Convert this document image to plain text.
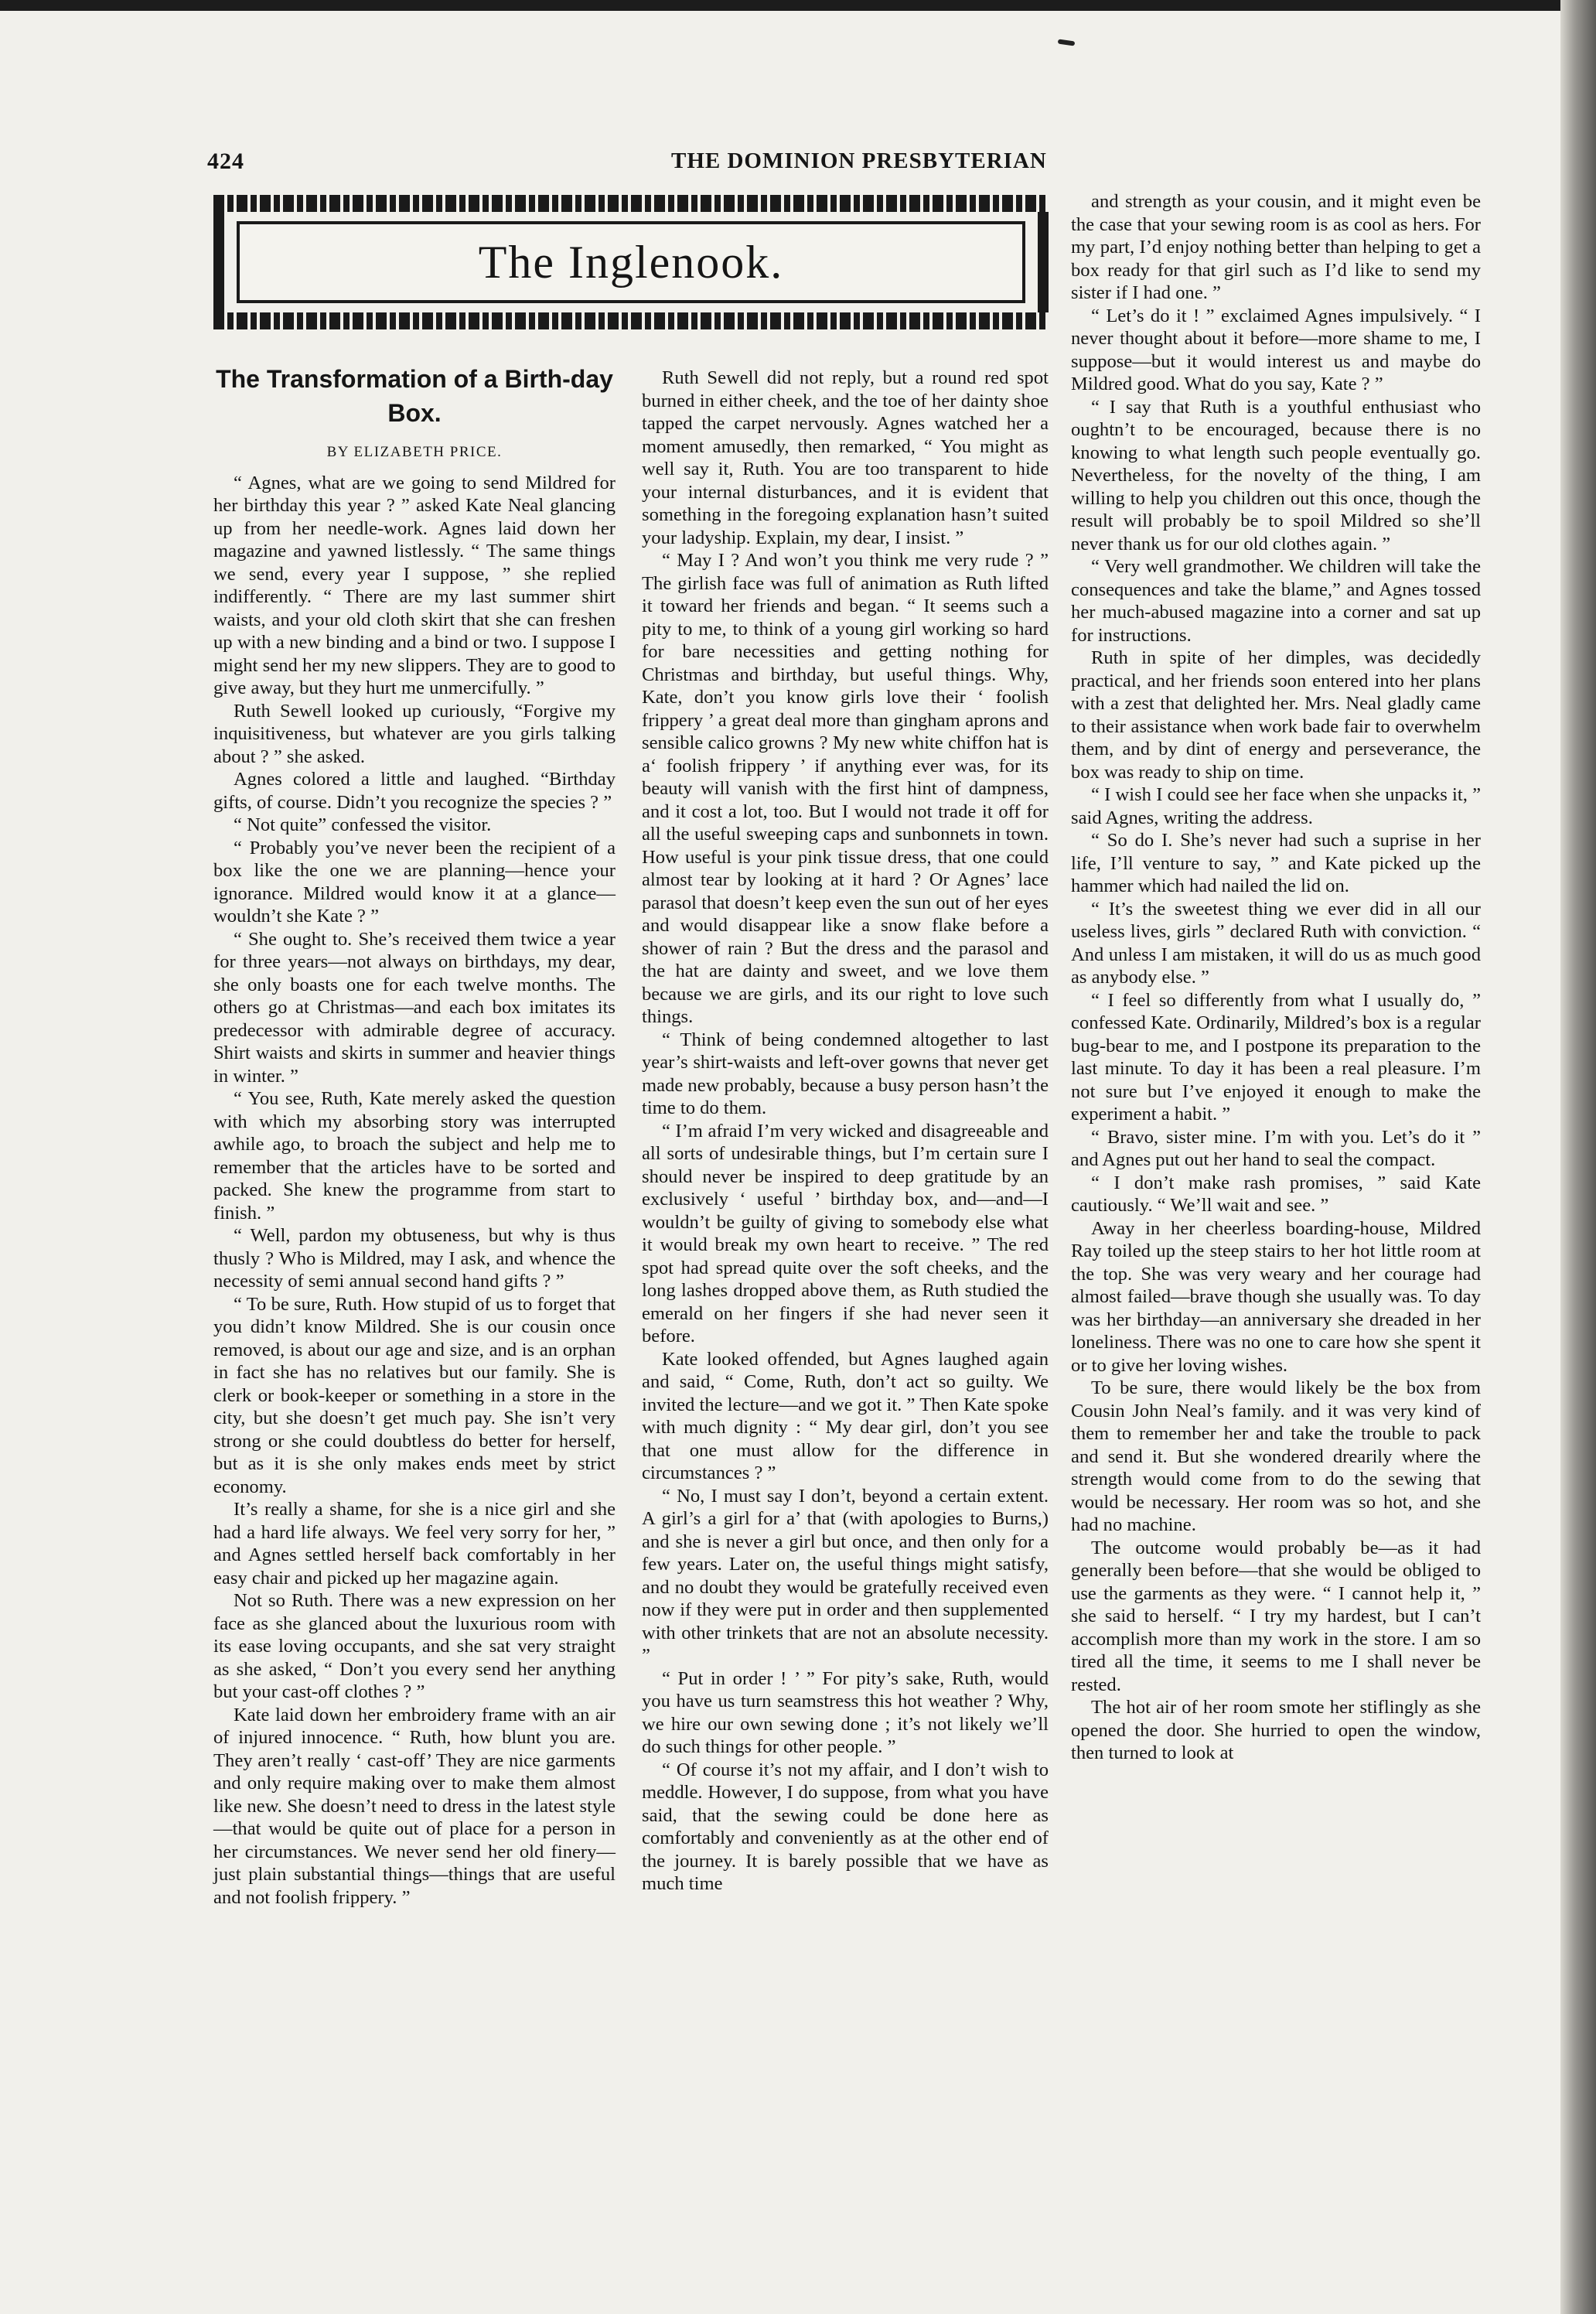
424	THE DOMINION PRESBYTERIAN
The Inglenook.
The Transformation of a Birth-day Box.
BY ELIZABETH PRICE.

“ Agnes, what are we going to send Mildred for her birthday this year ? ” asked Kate Neal glancing up from her needle-work. Agnes laid down her magazine and yawned listlessly. “ The same things we send, every year I suppose, ” she replied indifferently. “ There are my last summer shirt waists, and your old cloth skirt that she can freshen up with a new binding and a bind or two. I suppose I might send her my new slippers. They are to good to give away, but they hurt me unmercifully. ”

Ruth Sewell looked up curiously, “Forgive my inquisitiveness, but whatever are you girls talking about ? ” she asked.

Agnes colored a little and laughed. “Birthday gifts, of course. Didn’t you recognize the species ? ”

“ Not quite” confessed the visitor.

“ Probably you’ve never been the recipient of a box like the one we are planning—hence your ignorance. Mildred would know it at a glance—wouldn’t she Kate ? ”

“ She ought to. She’s received them twice a year for three years—not always on birthdays, my dear, she only boasts one for each twelve months. The others go at Christmas—and each box imitates its predecessor with admirable degree of accuracy. Shirt waists and skirts in summer and heavier things in winter. ”

“ You see, Ruth, Kate merely asked the question with which my absorbing story was interrupted awhile ago, to broach the subject and help me to remember that the articles have to be sorted and packed. She knew the programme from start to finish. ”

“ Well, pardon my obtuseness, but why is thus thusly ? Who is Mildred, may I ask, and whence the necessity of semi annual second hand gifts ? ”

“ To be sure, Ruth. How stupid of us to forget that you didn’t know Mildred. She is our cousin once removed, is about our age and size, and is an orphan in fact she has no relatives but our family. She is clerk or book-keeper or something in a store in the city, but she doesn’t get much pay. She isn’t very strong or she could doubtless do better for herself, but as it is she only makes ends meet by strict economy.

It’s really a shame, for she is a nice girl and she had a hard life always. We feel very sorry for her, ” and Agnes settled herself back comfortably in her easy chair and picked up her magazine again.

Not so Ruth. There was a new expression on her face as she glanced about the luxurious room with its ease loving occupants, and she sat very straight as she asked, “ Don’t you every send her anything but your cast-off clothes ? ”

Kate laid down her embroidery frame with an air of injured innocence. “ Ruth, how blunt you are. They aren’t really ‘ cast-off’ They are nice garments and only require making over to make them almost like new. She doesn’t need to dress in the latest style—that would be quite out of place for a person in her circumstances. We never send her old finery—just plain substantial things—things that are useful and not foolish frippery. ”

Ruth Sewell did not reply, but a round red spot burned in either cheek, and the toe of her dainty shoe tapped the carpet nervously. Agnes watched her a moment amusedly, then remarked, “ You might as well say it, Ruth. You are too transparent to hide your internal disturbances, and it is evident that something in the foregoing explanation hasn’t suited your ladyship. Explain, my dear, I insist. ”

“ May I ? And won’t you think me very rude ? ” The girlish face was full of animation as Ruth lifted it toward her friends and began. “ It seems such a pity to me, to think of a young girl working so hard for bare necessities and getting nothing for Christmas and birthday, but useful things. Why, Kate, don’t you know girls love their ‘ foolish frippery ’ a great deal more than gingham aprons and sensible calico growns ? My new white chiffon hat is a‘ foolish frippery ’ if anything ever was, for its beauty will vanish with the first hint of dampness, and it cost a lot, too. But I would not trade it off for all the useful sweeping caps and sunbonnets in town. How useful is your pink tissue dress, that one could almost tear by looking at it hard ? Or Agnes’ lace parasol that doesn’t keep even the sun out of her eyes and would disappear like a snow flake before a shower of rain ? But the dress and the parasol and the hat are dainty and sweet, and we love them because we are girls, and its our right to love such things.

“ Think of being condemned altogether to last year’s shirt-waists and left-over gowns that never get made new probably, because a busy person hasn’t the time to do them.

“ I’m afraid I’m very wicked and disagreeable and all sorts of undesirable things, but I’m certain sure I should never be inspired to deep gratitude by an exclusively ‘ useful ’ birthday box, and—and—I wouldn’t be guilty of giving to somebody else what it would break my own heart to receive. ” The red spot had spread quite over the soft cheeks, and the long lashes dropped above them, as Ruth studied the emerald on her fingers if she had never seen it before.

Kate looked offended, but Agnes laughed again and said, “ Come, Ruth, don’t act so guilty. We invited the lecture—and we got it. ” Then Kate spoke with much dignity : “ My dear girl, don’t you see that one must allow for the difference in circumstances ? ”

“ No, I must say I don’t, beyond a certain extent. A girl’s a girl for a’ that (with apologies to Burns,) and she is never a girl but once, and then only for a few years. Later on, the useful things might satisfy, and no doubt they would be gratefully received even now if they were put in order and then supplemented with other trinkets that are not an absolute necessity. ”

“ Put in order ! ’ ” For pity’s sake, Ruth, would you have us turn seamstress this hot weather ? Why, we hire our own sewing done ; it’s not likely we’ll do such things for other people. ”

“ Of course it’s not my affair, and I don’t wish to meddle. However, I do suppose, from what you have said, that the sewing could be done here as comfortably and conveniently as at the other end of the journey. It is barely possible that we have as much time

and strength as your cousin, and it might even be the case that your sewing room is as cool as hers. For my part, I’d enjoy nothing better than helping to get a box ready for that girl such as I’d like to send my sister if I had one. ”

“ Let’s do it ! ” exclaimed Agnes impulsively. “ I never thought about it before—more shame to me, I suppose—but it would interest us and maybe do Mildred good. What do you say, Kate ? ”

“ I say that Ruth is a youthful enthusiast who oughtn’t to be encouraged, because there is no knowing to what length such people eventually go. Nevertheless, for the novelty of the thing, I am willing to help you children out this once, though the result will probably be to spoil Mildred so she’ll never thank us for our old clothes again. ”

“ Very well grandmother. We children will take the consequences and take the blame,” and Agnes tossed her much-abused magazine into a corner and sat up for instructions.

Ruth in spite of her dimples, was decidedly practical, and her friends soon entered into her plans with a zest that delighted her. Mrs. Neal gladly came to their assistance when work bade fair to overwhelm them, and by dint of energy and perseverance, the box was ready to ship on time.

“ I wish I could see her face when she unpacks it, ” said Agnes, writing the address.

“ So do I. She’s never had such a suprise in her life, I’ll venture to say, ” and Kate picked up the hammer which had nailed the lid on.

“ It’s the sweetest thing we ever did in all our useless lives, girls ” declared Ruth with conviction. “ And unless I am mistaken, it will do us as much good as anybody else. ”

“ I feel so differently from what I usually do, ” confessed Kate. Ordinarily, Mildred’s box is a regular bug-bear to me, and I postpone its preparation to the last minute. To day it has been a real pleasure. I’m not sure but I’ve enjoyed it enough to make the experiment a habit. ”

“ Bravo, sister mine. I’m with you. Let’s do it ” and Agnes put out her hand to seal the compact.

“ I don’t make rash promises, ” said Kate cautiously. “ We’ll wait and see. ”

Away in her cheerless boarding-house, Mildred Ray toiled up the steep stairs to her hot little room at the top. She was very weary and her courage had almost failed—brave though she usually was. To day was her birthday—an anniversary she dreaded in her loneliness. There was no one to care how she spent it or to give her loving wishes.

To be sure, there would likely be the box from Cousin John Neal’s family. and it was very kind of them to remember her and take the trouble to pack and send it. But she wondered drearily where the strength would come from to do the sewing that would be necessary. Her room was so hot, and she had no machine.

The outcome would probably be—as it had generally been before—that she would be obliged to use the garments as they were. “ I cannot help it, ” she said to herself. “ I try my hardest, but I can’t accomplish more than my work in the store. I am so tired all the time, it seems to me I shall never be rested.

The hot air of her room smote her stiflingly as she opened the door. She hurried to open the window, then turned to look at
